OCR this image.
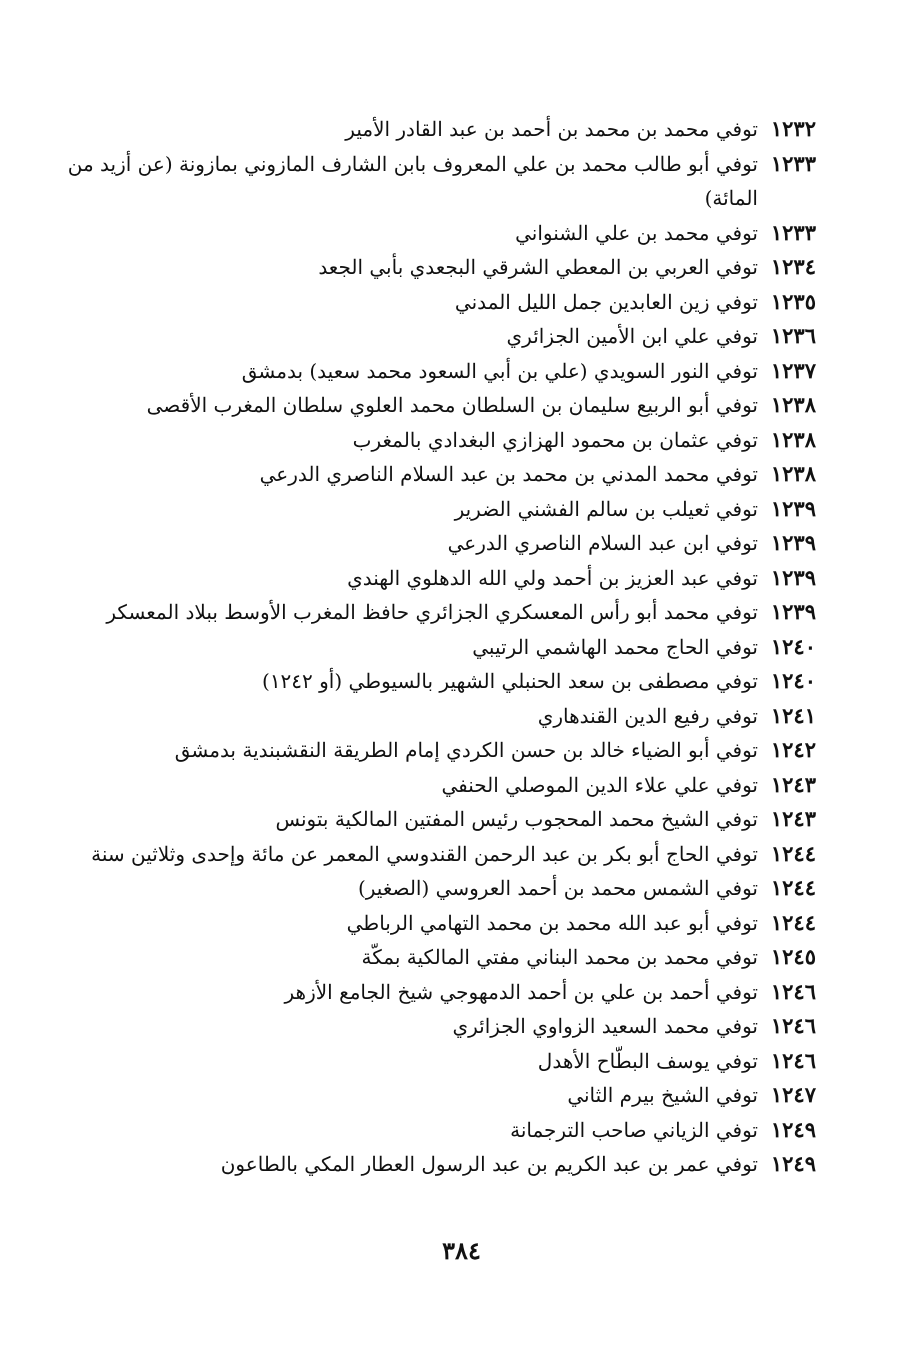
١٢٣٢
توفي محمد بن محمد بن أحمد بن عبد القادر الأمير
١٢٣٣
توفي أبو طالب محمد بن علي المعروف بابن الشارف المازوني بمازونة (عن أزيد من المائة)
١٢٣٣
توفي محمد بن علي الشنواني
١٢٣٤
توفي العربي بن المعطي الشرقي البجعدي بأبي الجعد
١٢٣٥
توفي زين العابدين جمل الليل المدني
١٢٣٦
توفي علي ابن الأمين الجزائري
١٢٣٧
توفي النور السويدي (علي بن أبي السعود محمد سعيد) بدمشق
١٢٣٨
توفي أبو الربيع سليمان بن السلطان محمد العلوي سلطان المغرب الأقصى
١٢٣٨
توفي عثمان بن محمود الهزازي البغدادي بالمغرب
١٢٣٨
توفي محمد المدني بن محمد بن عبد السلام الناصري الدرعي
١٢٣٩
توفي ثعيلب بن سالم الفشني الضرير
١٢٣٩
توفي ابن عبد السلام الناصري الدرعي
١٢٣٩
توفي عبد العزيز بن أحمد ولي الله الدهلوي الهندي
١٢٣٩
توفي محمد أبو رأس المعسكري الجزائري حافظ المغرب الأوسط ببلاد المعسكر
١٢٤٠
توفي الحاج محمد الهاشمي الرتيبي
١٢٤٠
توفي مصطفى بن سعد الحنبلي الشهير بالسيوطي (أو ١٢٤٢)
١٢٤١
توفي رفيع الدين القندهاري
١٢٤٢
توفي أبو الضياء خالد بن حسن الكردي إمام الطريقة النقشبندية بدمشق
١٢٤٣
توفي علي علاء الدين الموصلي الحنفي
١٢٤٣
توفي الشيخ محمد المحجوب رئيس المفتين المالكية بتونس
١٢٤٤
توفي الحاج أبو بكر بن عبد الرحمن القندوسي المعمر عن مائة وإحدى وثلاثين سنة
١٢٤٤
توفي الشمس محمد بن أحمد العروسي (الصغير)
١٢٤٤
توفي أبو عبد الله محمد بن محمد التهامي الرباطي
١٢٤٥
توفي محمد بن محمد البناني مفتي المالكية بمكّة
١٢٤٦
توفي أحمد بن علي بن أحمد الدمهوجي شيخ الجامع الأزهر
١٢٤٦
توفي محمد السعيد الزواوي الجزائري
١٢٤٦
توفي يوسف البطّاح الأهدل
١٢٤٧
توفي الشيخ بيرم الثاني
١٢٤٩
توفي الزياني صاحب الترجمانة
١٢٤٩
توفي عمر بن عبد الكريم بن عبد الرسول العطار المكي بالطاعون
٣٨٤
